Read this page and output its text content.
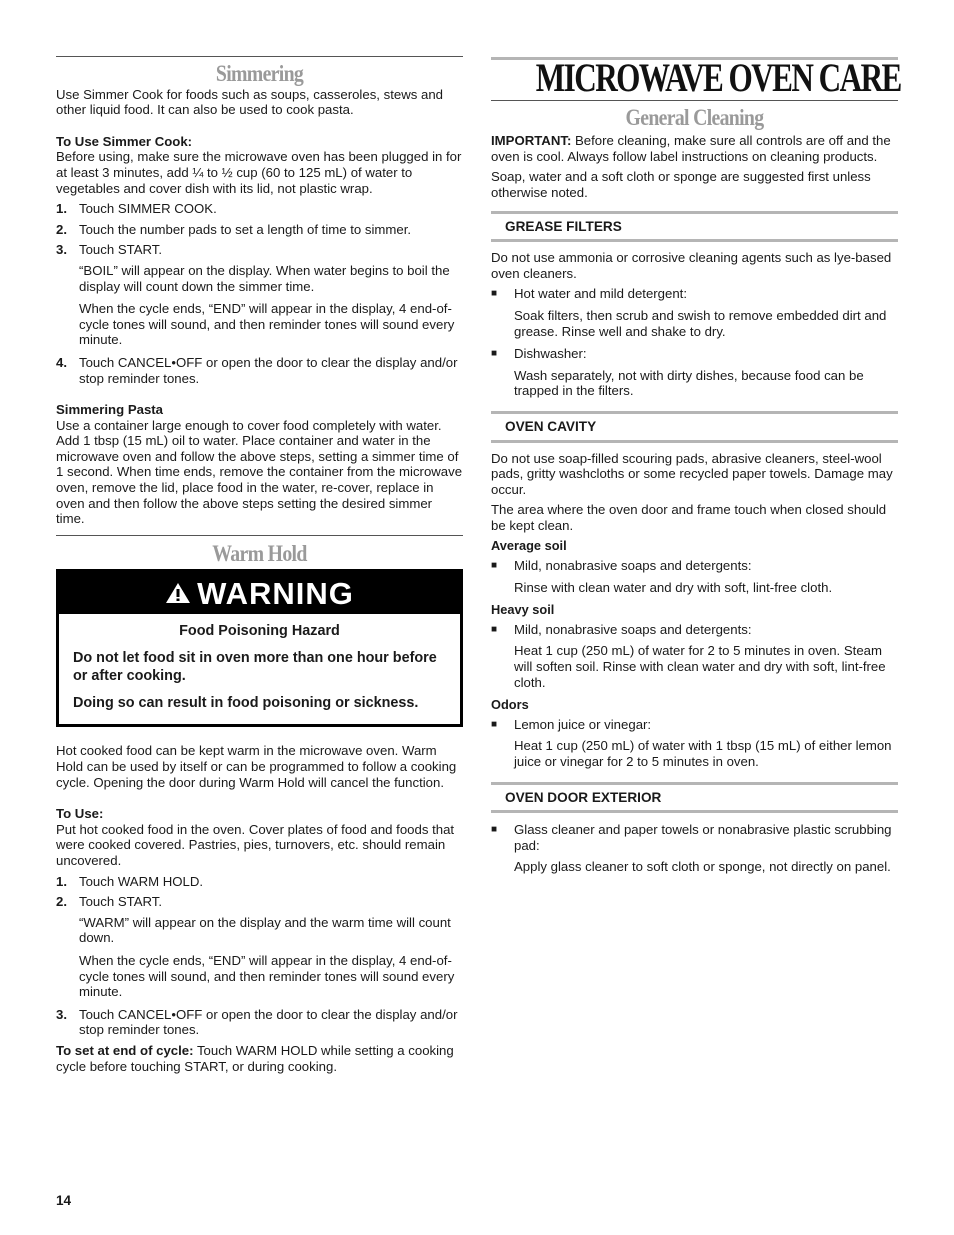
Simmering

Use Simmer Cook for foods such as soups, casseroles, stews and other liquid food. It can also be used to cook pasta.

To Use Simmer Cook:

Before using, make sure the microwave oven has been plugged in for at least 3 minutes, add ¼ to ½ cup (60 to 125 mL) of water to vegetables and cover dish with its lid, not plastic wrap.

1. Touch SIMMER COOK.
2. Touch the number pads to set a length of time to simmer.
3. Touch START.
“BOIL” will appear on the display. When water begins to boil the display will count down the simmer time.
When the cycle ends, “END” will appear in the display, 4 end-of-cycle tones will sound, and then reminder tones will sound every minute.
4. Touch CANCEL•OFF or open the door to clear the display and/or stop reminder tones.
Simmering Pasta

Use a container large enough to cover food completely with water. Add 1 tbsp (15 mL) oil to water. Place container and water in the microwave oven and follow the above steps, setting a simmer time of 1 second. When time ends, remove the container from the microwave oven, remove the lid, place food in the water, re-cover, replace in oven and then follow the above steps setting the desired simmer time.

Warm Hold
WARNING
Food Poisoning Hazard

Do not let food sit in oven more than one hour before or after cooking.

Doing so can result in food poisoning or sickness.

Hot cooked food can be kept warm in the microwave oven. Warm Hold can be used by itself or can be programmed to follow a cooking cycle. Opening the door during Warm Hold will cancel the function.

To Use:

Put hot cooked food in the oven. Cover plates of food and foods that were cooked covered. Pastries, pies, turnovers, etc. should remain uncovered.

1. Touch WARM HOLD.
2. Touch START.
“WARM” will appear on the display and the warm time will count down.
When the cycle ends, “END” will appear in the display, 4 end-of-cycle tones will sound, and then reminder tones will sound every minute.
3. Touch CANCEL•OFF or open the door to clear the display and/or stop reminder tones.

To set at end of cycle: Touch WARM HOLD while setting a cooking cycle before touching START, or during cooking.

MICROWAVE OVEN CARE
General Cleaning

IMPORTANT: Before cleaning, make sure all controls are off and the oven is cool. Always follow label instructions on cleaning products.

Soap, water and a soft cloth or sponge are suggested first unless otherwise noted.

GREASE FILTERS

Do not use ammonia or corrosive cleaning agents such as lye-based oven cleaners.

■	Hot water and mild detergent:
Soak filters, then scrub and swish to remove embedded dirt and grease. Rinse well and shake to dry.
■	Dishwasher:
Wash separately, not with dirty dishes, because food can be trapped in the filters.
OVEN CAVITY

Do not use soap-filled scouring pads, abrasive cleaners, steel-wool pads, gritty washcloths or some recycled paper towels. Damage may occur.

The area where the oven door and frame touch when closed should be kept clean.

Average soil
■	Mild, nonabrasive soaps and detergents:
Rinse with clean water and dry with soft, lint-free cloth.
Heavy soil
■	Mild, nonabrasive soaps and detergents:
Heat 1 cup (250 mL) of water for 2 to 5 minutes in oven. Steam will soften soil. Rinse with clean water and dry with soft, lint-free cloth.
Odors
■	Lemon juice or vinegar:
Heat 1 cup (250 mL) of water with 1 tbsp (15 mL) of either lemon juice or vinegar for 2 to 5 minutes in oven.
OVEN DOOR EXTERIOR
■	Glass cleaner and paper towels or nonabrasive plastic scrubbing pad:
Apply glass cleaner to soft cloth or sponge, not directly on panel.
14
